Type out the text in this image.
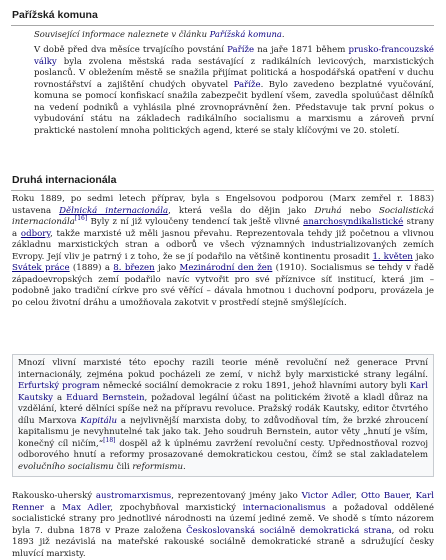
Pařížská komuna

Související informace naleznete v článku Pařížská komuna.

V době před dva měsíce trvajícího povstání Paříže na jaře 1871 během prusko-francouzské války byla zvolena městská rada sestávající z radikálních levicových, marxistických poslanců. V obležením městě se snažila přijímat politická a hospodářská opatření v duchu rovnostářství a zajištění chudých obyvatel Paříže. Bylo zavedeno bezplatné vyučování, komuna se pomocí konfiskací snažila zabezpečit bydlení všem, zavedla spoluúčast dělníků na vedení podniků a vyhlásila plné zrovnoprávnění žen. Představuje tak první pokus o vybudování státu na základech radikálního socialismu a marxismu a zároveň první praktické nastolení mnoha politických agend, které se staly klíčovými ve 20. století.

Druhá internacionála

Roku 1889, po sedmi letech příprav, byla s Engelsovou podporou (Marx zemřel r. 1883) ustavena Dělnická internacionála, která vešla do dějin jako Druhá nebo Socialistická internacionála[16] Byly z ní již vyloučeny tendencí tak ještě vlivné anarchosyndikalistické strany a odbory, takže marxisté už měli jasnou převahu. Reprezentovala tehdy již početnou a vlivnou základnu marxistických stran a odborů ve všech významných industrializovaných zemích Evropy. Její vliv je patrný i z toho, že se jí podařilo na většině kontinentu prosadit 1. květen jako Svátek práce (1889) a 8. březen jako Mezinárodní den žen (1910). Socialismus se tehdy v řadě západoevropských zemí podařilo navíc vytvořit pro své příznivce síť institucí, která jim – podobně jako tradiční církve pro své věřící – dávala hmotnou i duchovní podporu, provázela je po celou životní dráhu a umožňovala zakotvit v prostředí stejně smýšlejících.

Mnozí vlivní marxisté této epochy razili teorie méně revoluční než generace První internacionály, zejména pokud pocházeli ze zemí, v nichž byly marxistické strany legální. Erfurtský program německé sociální demokracie z roku 1891, jehož hlavními autory byli Karl Kautsky a Eduard Bernstein, požadoval legální účast na politickém životě a kladl důraz na vzdělání, které dělníci spíše než na přípravu revoluce. Pražský rodák Kautsky, editor čtvrtého dílu Marxova Kapitálu a nejvlivnější marxista doby, to zdůvodňoval tím, že brzké zhroucení kapitalismu je nevyhnutelné tak jako tak. Jeho soudruh Bernstein, autor věty „hnutí je vším, konečný cíl ničím,“[18] dospěl až k úplnému zavržení revoluční cesty. Upřednostňoval rozvoj odborového hnutí a reformy prosazované demokratickou cestou, čímž se stal zakladatelem evolučního socialismu čili reformismu.

Rakousko-uherský austromarxismus, reprezentovaný jmény jako Victor Adler, Otto Bauer, Karl Renner a Max Adler, zpochybňoval marxistický internacionalismus a požadoval oddělené socialistické strany pro jednotlivé národnosti na území jediné země. Ve shodě s tímto názorem byla 7. dubna 1878 v Praze založena Českoslovanská sociálně demokratická strana, od roku 1893 již nezávislá na mateřské rakouské sociálně demokratické straně a sdružující česky mluvící marxisty.
